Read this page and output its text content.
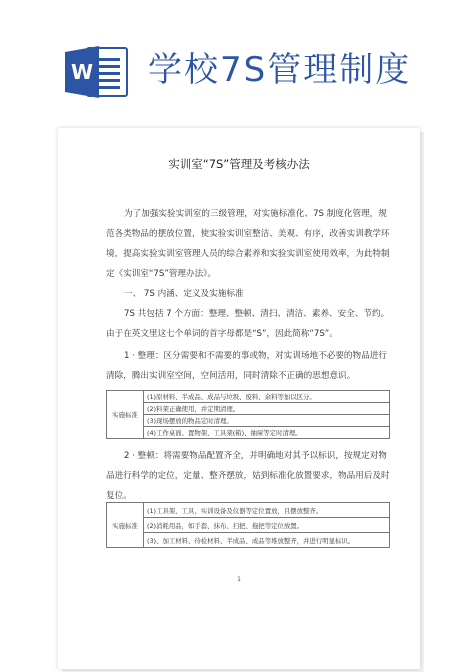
W 学校7S管理制度
实训室“7S”管理及考核办法
为了加强实验实训室的三级管理，对实施标准化、7S 制度化管理，规
范各类物品的摆放位置，使实验实训室整洁、美观、有序，改善实训教学环
境，提高实验实训室管理人员的综合素养和实验实训室使用效率，为此特制
定《实训室“7S”管理办法》。
一、 7S 内涵、定义及实施标准
7S 共包括 7 个方面：整理、整顿、清扫、清洁、素养、安全、节约。
由于在英文里这七个单词的首字母都是“S”，因此简称“7S”。
1 · 整理：区分需要和不需要的事或物，对实训场地不必要的物品进行
清除，腾出实训室空间，空间活用，同时清除不正确的思想意识。
实施标准	(1)原材料、半成品、成品与垃圾、废料、余料等加以区分。
(2)料架正确使用，并定期清理。
(3)现场摆放的物品定时清理。
(4)工作桌面、置物架、工具架(箱)、抽屉等定时清理。
2 · 整顿：将需要物品配置齐全，并明确地对其予以标识，按规定对物
品进行科学的定位，定量、整齐摆放，姑到标准化放置要求，物品用后及时
复位。
实施标准	(1)工具架、工具、实训设备及仪器等定位置放，且摆放整齐。
(2)消耗用品，如手套、抹布、扫把、拖把等定位放置。
(3)、加工材料、待检材料、半成品、成品等堆放整齐，并进行明显标识。
1
